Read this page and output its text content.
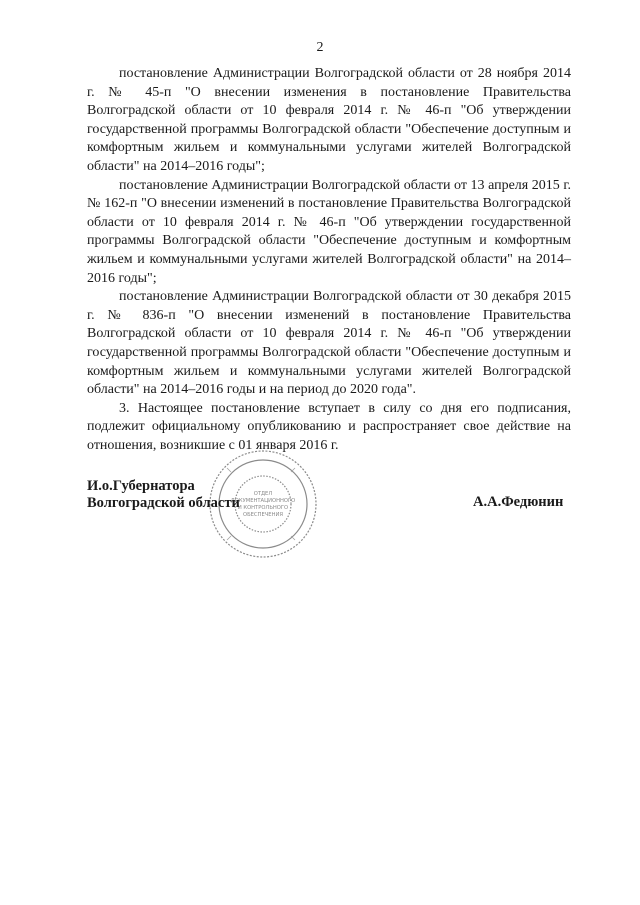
2

постановление Администрации Волгоградской области от 28 ноября 2014 г. № 45-п "О внесении изменения в постановление Правительства Волгоградской области от 10 февраля 2014 г. № 46-п "Об утверждении государственной программы Волгоградской области "Обеспечение доступным и комфортным жильем и коммунальными услугами жителей Волгоградской области" на 2014–2016 годы";

постановление Администрации Волгоградской области от 13 апреля 2015 г. № 162-п "О внесении изменений в постановление Правительства Волгоградской области от 10 февраля 2014 г. № 46-п "Об утверждении государственной программы Волгоградской области "Обеспечение доступным и комфортным жильем и коммунальными услугами жителей Волгоградской области" на 2014–2016 годы";

постановление Администрации Волгоградской области от 30 декабря 2015 г. № 836-п "О внесении изменений в постановление Правительства Волгоградской области от 10 февраля 2014 г. № 46-п "Об утверждении государственной программы Волгоградской области "Обеспечение доступным и комфортным жильем и коммунальными услугами жителей Волгоградской области" на 2014–2016 годы и на период до 2020 года".

3. Настоящее постановление вступает в силу со дня его подписания, подлежит официальному опубликованию и распространяет свое действие на отношения, возникшие с 01 января 2016 г.

ОТДЕЛ
ДОКУМЕНТАЦИОННОГО
И КОНТРОЛЬНОГО
ОБЕСПЕЧЕНИЯ
И.о.Губернатора
Волгоградской области	А.А.Федюнин
